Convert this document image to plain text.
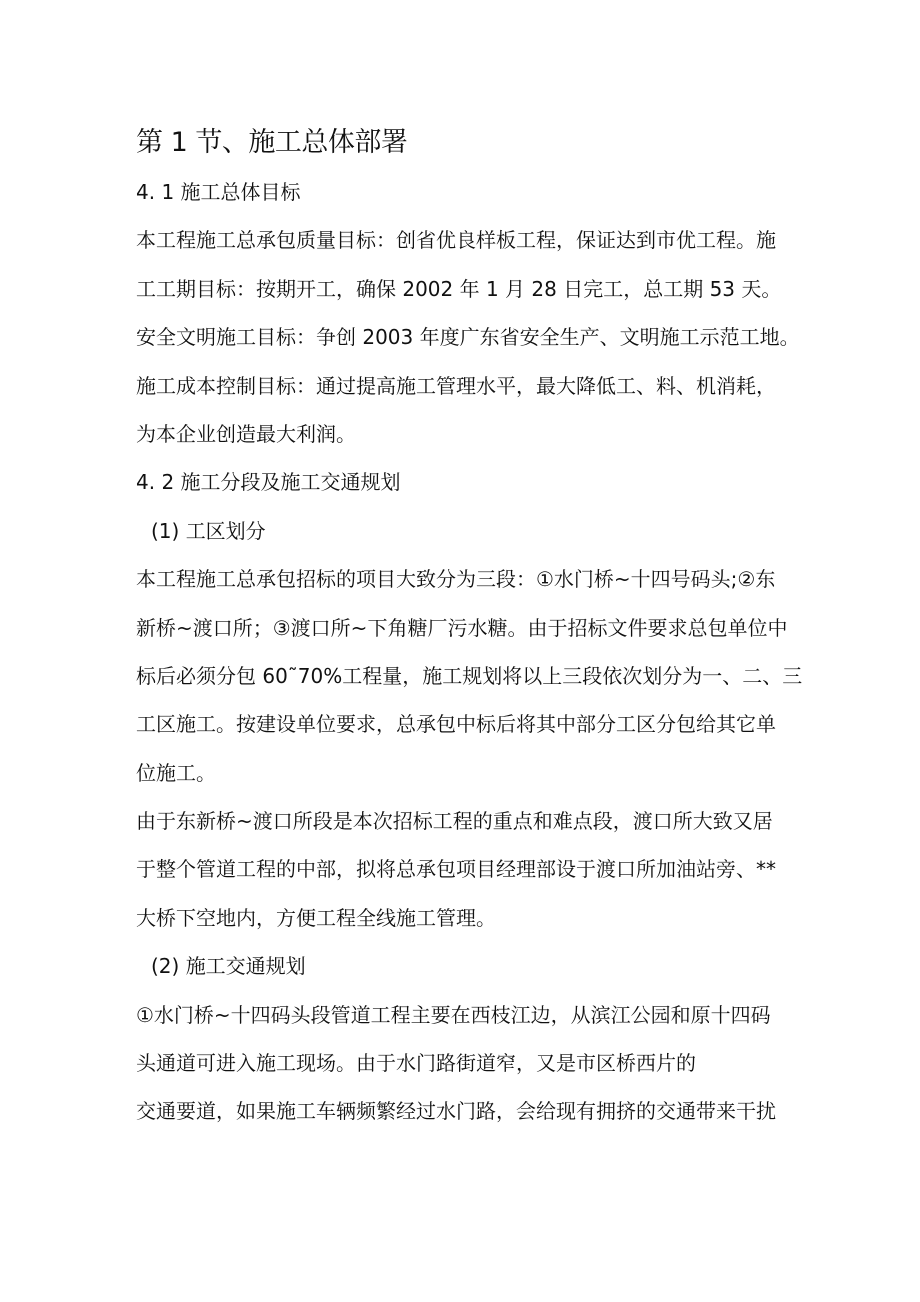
第 1 节、施工总体部署

4. 1 施工总体目标

本工程施工总承包质量目标：创省优良样板工程，保证达到市优工程。施

工工期目标：按期开工，确保 2002 年 1 月 28 日完工，总工期 53 天。

安全文明施工目标：争创 2003 年度广东省安全生产、文明施工示范工地。

施工成本控制目标：通过提高施工管理水平，最大降低工、料、机消耗，

为本企业创造最大利润。

4. 2 施工分段及施工交通规划

(1) 工区划分

本工程施工总承包招标的项目大致分为三段：①水门桥~十四号码头;②东

新桥~渡口所；③渡口所~下角糖厂污水糖。由于招标文件要求总包单位中

标后必须分包 60˜70%工程量，施工规划将以上三段依次划分为一、二、三

工区施工。按建设单位要求，总承包中标后将其中部分工区分包给其它单

位施工。

由于东新桥~渡口所段是本次招标工程的重点和难点段，渡口所大致又居

于整个管道工程的中部，拟将总承包项目经理部设于渡口所加油站旁、**

大桥下空地内，方便工程全线施工管理。

(2) 施工交通规划

①水门桥~十四码头段管道工程主要在西枝江边，从滨江公园和原十四码

头通道可进入施工现场。由于水门路街道窄，又是市区桥西片的

交通要道，如果施工车辆频繁经过水门路，会给现有拥挤的交通带来干扰
